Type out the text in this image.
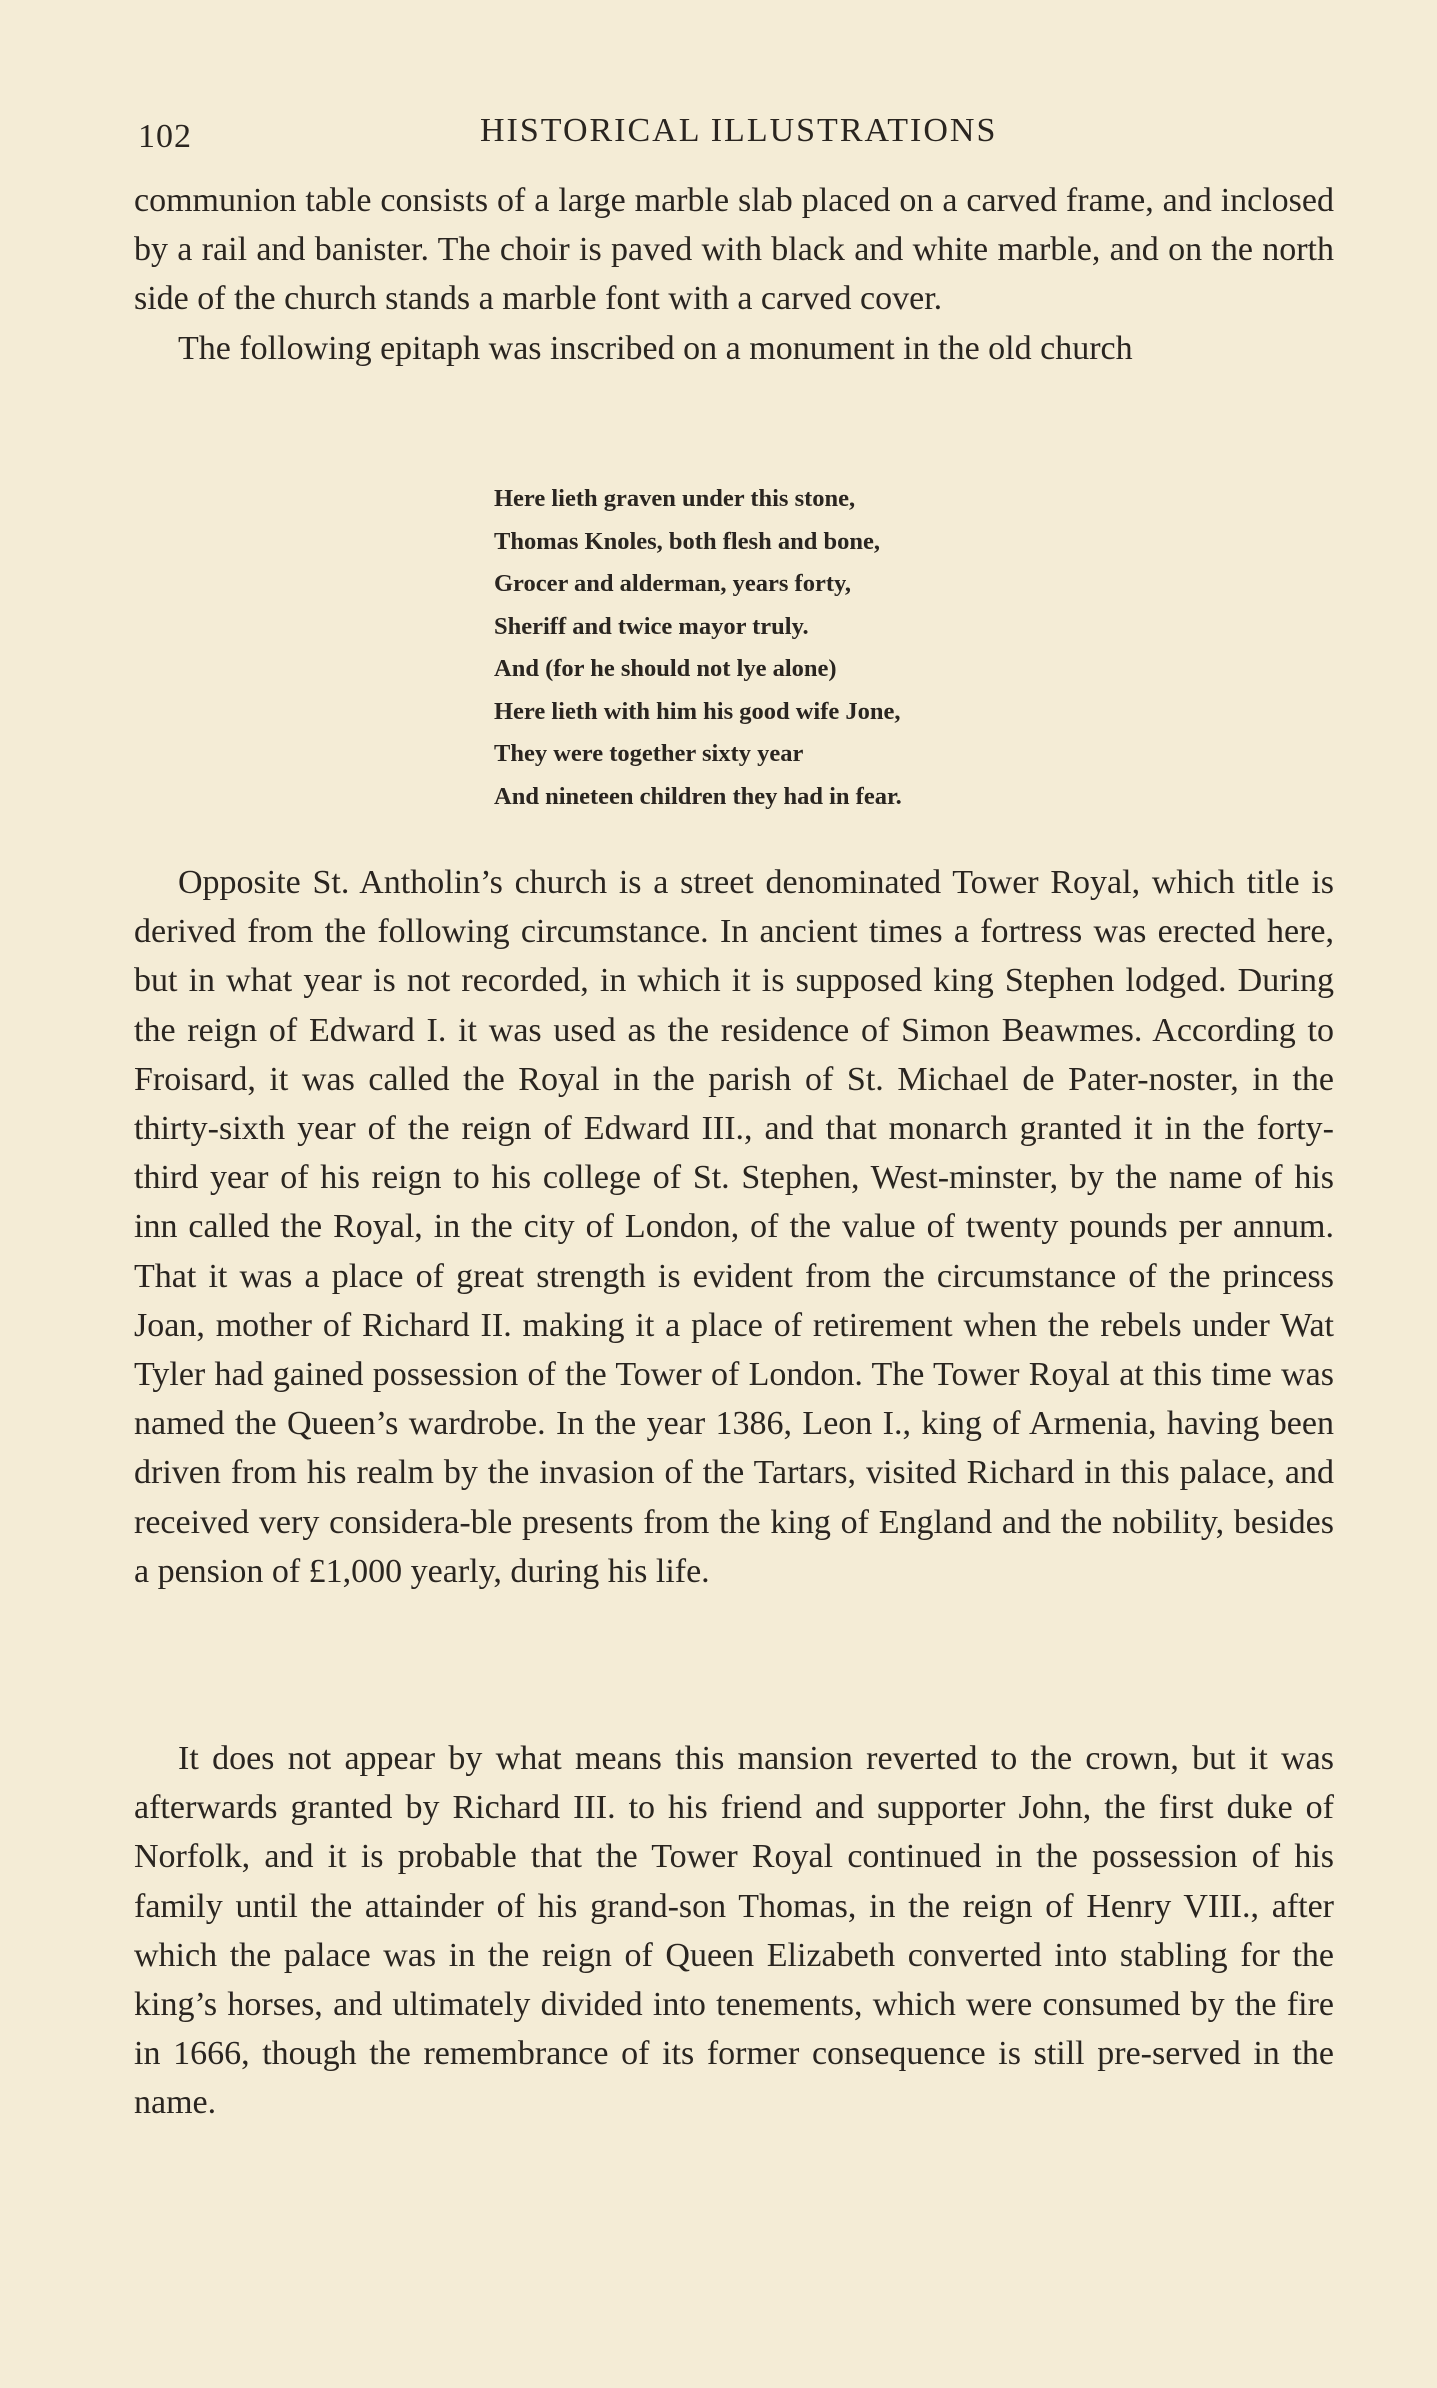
102	HISTORICAL ILLUSTRATIONS

communion table consists of a large marble slab placed on a carved frame, and inclosed by a rail and banister. The choir is paved with black and white marble, and on the north side of the church stands a marble font with a carved cover.

The following epitaph was inscribed on a monument in the old church

Here lieth graven under this stone,
Thomas Knoles, both flesh and bone,
Grocer and alderman, years forty,
Sheriff and twice mayor truly.
And (for he should not lye alone)
Here lieth with him his good wife Jone,
They were together sixty year
And nineteen children they had in fear.

Opposite St. Antholin’s church is a street denominated Tower Royal, which title is derived from the following circumstance. In ancient times a fortress was erected here, but in what year is not recorded, in which it is supposed king Stephen lodged. During the reign of Edward I. it was used as the residence of Simon Beawmes. According to Froisard, it was called the Royal in the parish of St. Michael de Pater-noster, in the thirty-sixth year of the reign of Edward III., and that monarch granted it in the forty-third year of his reign to his college of St. Stephen, West-minster, by the name of his inn called the Royal, in the city of London, of the value of twenty pounds per annum. That it was a place of great strength is evident from the circumstance of the princess Joan, mother of Richard II. making it a place of retirement when the rebels under Wat Tyler had gained possession of the Tower of London. The Tower Royal at this time was named the Queen’s wardrobe. In the year 1386, Leon I., king of Armenia, having been driven from his realm by the invasion of the Tartars, visited Richard in this palace, and received very considera-ble presents from the king of England and the nobility, besides a pension of £1,000 yearly, during his life.

It does not appear by what means this mansion reverted to the crown, but it was afterwards granted by Richard III. to his friend and supporter John, the first duke of Norfolk, and it is probable that the Tower Royal continued in the possession of his family until the attainder of his grand-son Thomas, in the reign of Henry VIII., after which the palace was in the reign of Queen Elizabeth converted into stabling for the king’s horses, and ultimately divided into tenements, which were consumed by the fire in 1666, though the remembrance of its former consequence is still pre-served in the name.
